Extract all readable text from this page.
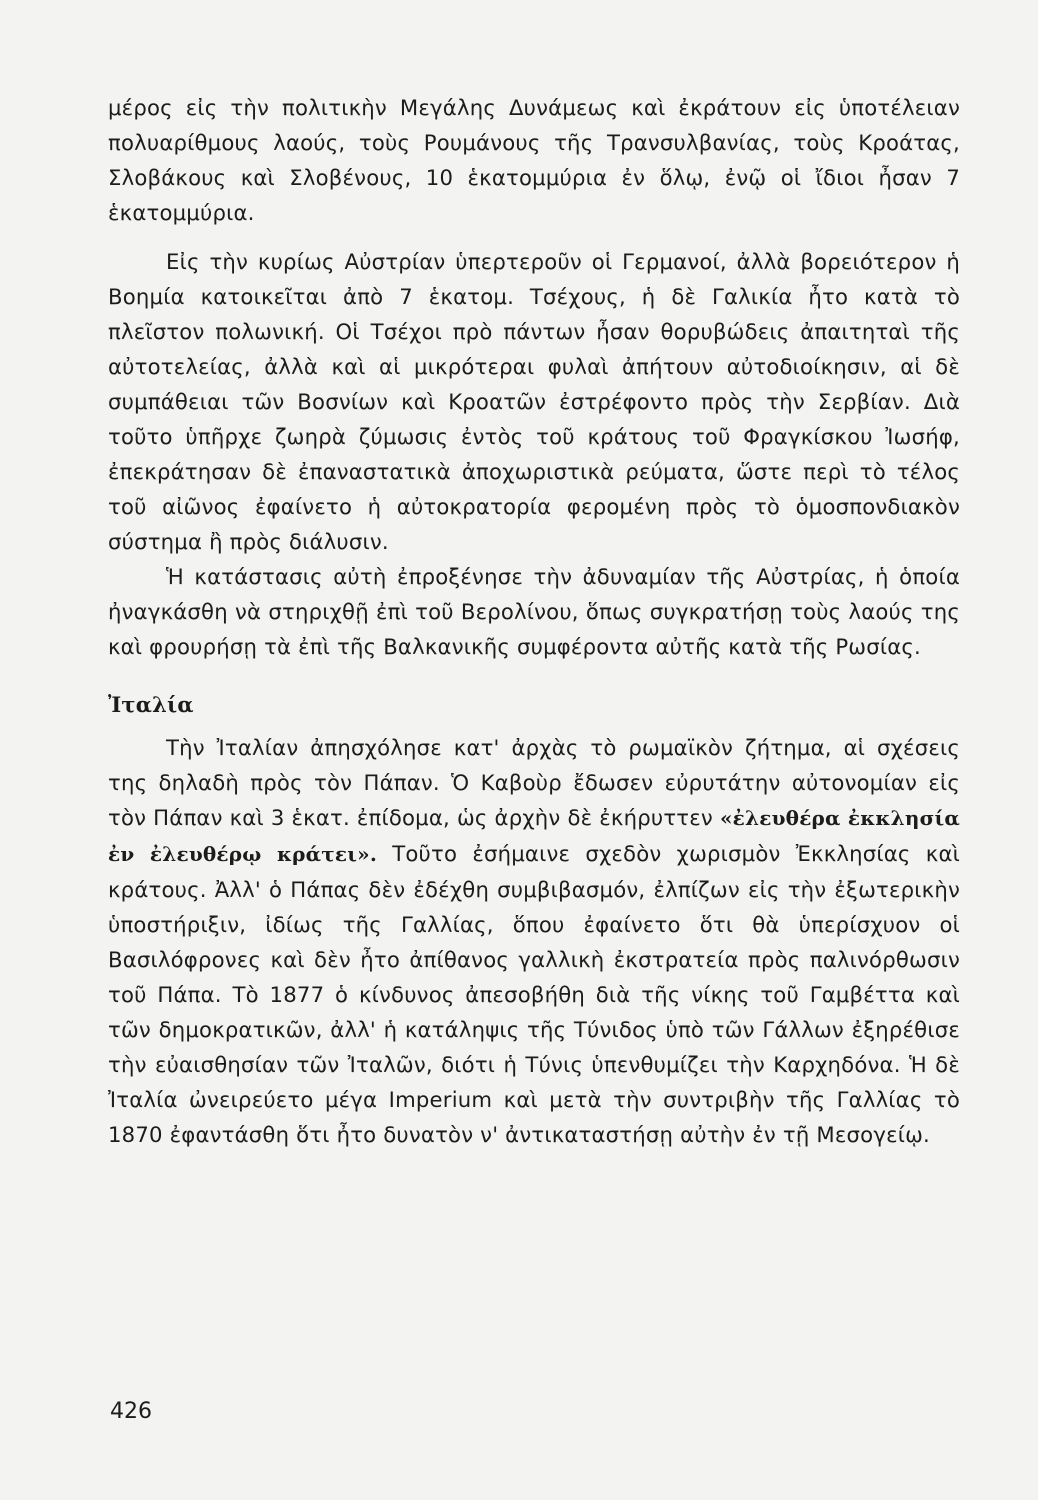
μέρος εἰς τὴν πολιτικὴν Μεγάλης Δυνάμεως καὶ ἐκράτουν εἰς ὑποτέλειαν πολυαρίθμους λαούς, τοὺς Ρουμάνους τῆς Τρανσυλβανίας, τοὺς Κροάτας, Σλοβάκους καὶ Σλοβένους, 10 ἑκατομμύρια ἐν ὅλῳ, ἐνῷ οἱ ἴδιοι ἦσαν 7 ἑκατομμύρια.

Εἰς τὴν κυρίως Αὐστρίαν ὑπερτεροῦν οἱ Γερμανοί, ἀλλὰ βορειότερον ἡ Βοημία κατοικεῖται ἀπὸ 7 ἑκατομ. Τσέχους, ἡ δὲ Γαλικία ἦτο κατὰ τὸ πλεῖστον πολωνική. Οἱ Τσέχοι πρὸ πάντων ἦσαν θορυβώδεις ἀπαιτηταὶ τῆς αὐτοτελείας, ἀλλὰ καὶ αἱ μικρότεραι φυλαὶ ἀπήτουν αὐτοδιοίκησιν, αἱ δὲ συμπάθειαι τῶν Βοσνίων καὶ Κροατῶν ἐστρέφοντο πρὸς τὴν Σερβίαν. Διὰ τοῦτο ὑπῆρχε ζωηρὰ ζύμωσις ἐντὸς τοῦ κράτους τοῦ Φραγκίσκου Ἰωσήφ, ἐπεκράτησαν δὲ ἐπαναστατικὰ ἀποχωριστικὰ ρεύματα, ὥστε περὶ τὸ τέλος τοῦ αἰῶνος ἐφαίνετο ἡ αὐτοκρατορία φερομένη πρὸς τὸ ὁμοσπονδιακὸν σύστημα ἢ πρὸς διάλυσιν.

Ἡ κατάστασις αὐτὴ ἐπροξένησε τὴν ἀδυναμίαν τῆς Αὐστρίας, ἡ ὁποία ἠναγκάσθη νὰ στηριχθῇ ἐπὶ τοῦ Βερολίνου, ὅπως συγκρατήσῃ τοὺς λαούς της καὶ φρουρήσῃ τὰ ἐπὶ τῆς Βαλκανικῆς συμφέροντα αὐτῆς κατὰ τῆς Ρωσίας.

Ἰταλία

Τὴν Ἰταλίαν ἀπησχόλησε κατ' ἀρχὰς τὸ ρωμαϊκὸν ζήτημα, αἱ σχέσεις της δηλαδὴ πρὸς τὸν Πάπαν. Ὁ Καβοὺρ ἔδωσεν εὐρυτάτην αὐτονομίαν εἰς τὸν Πάπαν καὶ 3 ἑκατ. ἐπίδομα, ὡς ἀρχὴν δὲ ἐκήρυττεν «ἐλευθέρα ἐκκλησία ἐν ἐλευθέρῳ κράτει». Τοῦτο ἐσήμαινε σχεδὸν χωρισμὸν Ἐκκλησίας καὶ κράτους. Ἀλλ' ὁ Πάπας δὲν ἐδέχθη συμβιβασμόν, ἐλπίζων εἰς τὴν ἐξωτερικὴν ὑποστήριξιν, ἰδίως τῆς Γαλλίας, ὅπου ἐφαίνετο ὅτι θὰ ὑπερίσχυον οἱ Βασιλόφρονες καὶ δὲν ἦτο ἀπίθανος γαλλικὴ ἐκστρατεία πρὸς παλινόρθωσιν τοῦ Πάπα. Τὸ 1877 ὁ κίνδυνος ἀπεσοβήθη διὰ τῆς νίκης τοῦ Γαμβέττα καὶ τῶν δημοκρατικῶν, ἀλλ' ἡ κατάληψις τῆς Τύνιδος ὑπὸ τῶν Γάλλων ἐξηρέθισε τὴν εὐαισθησίαν τῶν Ἰταλῶν, διότι ἡ Τύνις ὑπενθυμίζει τὴν Καρχηδόνα. Ἡ δὲ Ἰταλία ὠνειρεύετο μέγα Imperium καὶ μετὰ τὴν συντριβὴν τῆς Γαλλίας τὸ 1870 ἐφαντάσθη ὅτι ἦτο δυνατὸν ν' ἀντικαταστήσῃ αὐτὴν ἐν τῇ Μεσογείῳ.

426
